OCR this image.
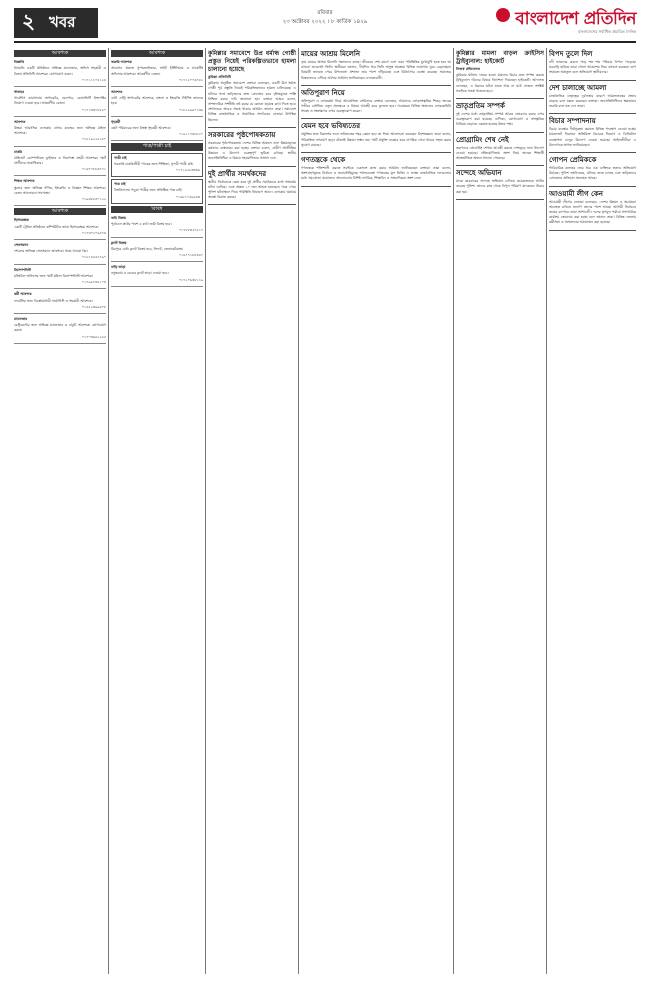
২ খবর	রবিবার
২৩ অক্টোবর ২০২২ । ৮ কার্তিক ১৪২৯	বাংলাদেশ প্রতিদিন
বাংলাদেশের সর্বাধিক প্রচারিত দৈনিক
আবশ্যক

বিজ্ঞপ্তি

ধানমন্ডি একটি প্রতিষ্ঠানে অভিজ্ঞ ম্যানেজার, অফিস সহকারী ও বিক্রয় প্রতিনিধি আবশ্যক। যোগাযোগ করুন।

০১৭১১১০৫১২৪

সাভারে

গার্মেন্টস কারখানায় অপারেটর, হেলপার, কোয়ালিটি ইন্সপেক্টর নিয়োগ দেওয়া হবে। আকর্ষণীয় বেতন।

০১৭১৩৩০৮৫৫০

আবশ্যক

উত্তরা আবাসিক এলাকায় বাসার কাজের জন্য অভিজ্ঞ মহিলা আবশ্যক।

০১৮১৯২২৫১৮০

চাকরি

প্রাইভেট কোম্পানিতে ড্রাইভার ও নিরাপত্তা প্রহরী আবশ্যক। স্মার্ট প্রার্থীদের অগ্রাধিকার।

০১৬৭০৮৮৬৭৭১

শিক্ষক আবশ্যক

স্কুলের জন্য অভিজ্ঞ গণিত, ইংরেজি ও বিজ্ঞান শিক্ষক আবশ্যক। বেতন আলোচনা সাপেক্ষে।

০১৯৩৫৫৫০১২২

আবশ্যক

হিসাবরক্ষক

একটি ট্রেডিং প্রতিষ্ঠানে কম্পিউটার জানা হিসাবরক্ষক আবশ্যক।

০১৭৩০২০৯৪৭৪

সেলসম্যান

শোরুমে অভিজ্ঞ সেলসম্যান আবশ্যক। থাকা-খাওয়া ফ্রি।

০১৮১৪৫৫২৭৯০

রিসেপশনিস্ট

মতিঝিল অফিসের জন্য স্মার্ট মহিলা রিসেপশনিস্ট আবশ্যক।

০১৭৯৯০৪৪১০৪

কর্মী আবশ্যক

ফার্মেসির জন্য ডিপ্লোমাধারী ফার্মাসিস্ট ও সহকারী আবশ্যক।

০১৫৫২৩৯৯৬০৮

ম্যানেজার

রেস্টুরেন্টের জন্য অভিজ্ঞ ম্যানেজার ও বাবুর্চি আবশ্যক। যোগাযোগ করুন।

০১৭০৩৬৬১২৫৫

আবশ্যক

জরুরি আবশ্যক

আবাসন প্রকল্পে সুপারভাইজার, সাইট ইঞ্জিনিয়ার ও মার্কেটিং অফিসার আবশ্যক। আকর্ষণীয় বেতন।

০১৭১২০০৬৭৪২

আবশ্যক

ডাটা এন্ট্রি অপারেটর আবশ্যক, বাংলা ও ইংরেজি টাইপিং জানতে হবে।

০১৮২২৯৯০১৩৬

গৃহকর্মী

ছোট পরিবারের জন্য বিশ্বস্ত গৃহকর্মী আবশ্যক।

০১৯১১৭৪৮৮২০

পাত্র/পাত্রী চাই

পাত্রী চাই

সরকারি চাকরিজীবী পাত্রের জন্য শিক্ষিতা, সুন্দরী পাত্রী চাই।

০১৭১৫২৮৩৩৪৬

পাত্র চাই

বিশ্ববিদ্যালয় পড়ুয়া পাত্রীর জন্য প্রতিষ্ঠিত পাত্র চাই।

০১৬৮১০৫৯৯৪৩

বিবিধ

জমি বিক্রয়

পূর্বাচলে প্লটের পাশে ৫ কাঠা জমি বিক্রয় হবে।

০১৭৮৮৩২০৫১৭

ফ্ল্যাট বিক্রয়

মিরপুরে রেডি ফ্ল্যাট বিক্রয় হবে, লিফট, জেনারেটরসহ।

০১৯৭৭১৮৪৪৬০

বাড়ি ভাড়া

বসুন্ধরায় ৩ বেডের ফ্ল্যাট ভাড়া দেওয়া হবে।

০১৭২০৬৩৮১১৯

কুমিল্লার সমাবেশে উপ্র ধর্মান্ধ গোষ্ঠী প্রস্তুত নিয়েই পরিকল্পিতভাবে হামলা চালানো হয়েছে

কুমিল্লা প্রতিনিধি

কুমিল্লায় অনুষ্ঠিত সমাবেশে বক্তারা বলেছেন, একটি উপ্র ধর্মান্ধ গোষ্ঠী পূর্ব প্রস্তুতি নিয়েই পরিকল্পিতভাবে হামলা চালিয়েছে। এ ঘটনার সঙ্গে জড়িতদের দ্রুত গ্রেফতার করে দৃষ্টান্তমূলক শাস্তি নিশ্চিত করার দাবি জানানো হয়। বক্তারা আরও বলেন, সাম্প্রদায়িক সম্প্রীতি নষ্ট করার যে কোনো ষড়যন্ত্র রুখে দিতে হবে। প্রশাসনকে আরও সতর্ক থাকার আহ্বান জানান তারা। সমাবেশে বিভিন্ন রাজনৈতিক ও সামাজিক সংগঠনের নেতারা উপস্থিত ছিলেন।

সরকারের পৃষ্ঠপোষকতায়

সরকারের পৃষ্ঠপোষকতায় দেশের বিভিন্ন অঞ্চলে নানা উন্নয়নমূলক কর্মকাণ্ড বাস্তবায়ন করা হচ্ছে। বক্তারা বলেন, গ্রামীণ অর্থনীতির উন্নয়নে এ উদ্যোগ গুরুত্বপূর্ণ ভূমিকা রাখছে। স্থানীয় জনপ্রতিনিধিরা এ বিষয়ে সহযোগিতার আশ্বাস দেন।

দুই প্রার্থীর সমর্থকদের

স্থানীয় নির্বাচনকে কেন্দ্র করে দুই প্রার্থীর সমর্থকদের মধ্যে সংঘর্ষের ঘটনা ঘটেছে। এতে অন্তত ১০ জন আহত হয়েছেন। খবর পেয়ে পুলিশ ঘটনাস্থলে গিয়ে পরিস্থিতি নিয়ন্ত্রণে আনে। এলাকায় থমথমে অবস্থা বিরাজ করছে।

মায়ের আশ্রয় মিলেনি

বৃদ্ধা মায়ের আশ্রয় মিলেনি সন্তানদের কাছে। জীবনের শেষ বয়সে এসে এমন পরিস্থিতির মুখোমুখি হতে হবে তা কখনো ভাবেননি তিনি। স্থানীয়রা জানান, দীর্ঘদিন ধরে তিনি অসুস্থ অবস্থায় বিভিন্ন জায়গায় ঘুরে বেড়াচ্ছেন। বিষয়টি জানতে পেরে উপজেলা প্রশাসন তার পাশে দাঁড়িয়েছে এবং চিকিৎসার ব্যবস্থা করেছে। সমাজের বিত্তবানদের এগিয়ে আসার আহ্বান জানিয়েছেন এলাকাবাসী।

অতিপুরাণ নিয়ে

অতিপুরাণ ও লোককথা নিয়ে আয়োজিত সেমিনারে বক্তারা বলেছেন, আমাদের লোকসংস্কৃতির শিকড় অনেক গভীরে প্রোথিত। নতুন প্রজন্মকে এ বিষয়ে আগ্রহী করে তুলতে হবে। গবেষকরা বিভিন্ন অঞ্চলের লোককাহিনি সংগ্রহ ও সংরক্ষণের ওপর গুরুত্বারোপ করেন।

যেমন হবে ভবিষ্যতের

প্রযুক্তির দ্রুত বিকাশের ফলে ভবিষ্যতের শহর কেমন হবে তা নিয়ে আলোচনা করেছেন বিশেষজ্ঞরা। তারা বলেন, পরিকল্পিত নগরায়ণ ছাড়া টেকসই উন্নয়ন সম্ভব নয়। স্মার্ট প্রযুক্তি ব্যবহার করে নাগরিক সেবা আরও সহজ করার সুযোগ রয়েছে।

গণতন্ত্রকে থেকে

গণতন্ত্রকে শক্তিশালী করতে সবাইকে একসঙ্গে কাজ করার আহ্বান জানিয়েছেন বক্তারা। তারা বলেন, অংশগ্রহণমূলক নির্বাচন ও জবাবদিহিমূলক শাসনব্যবস্থা গণতন্ত্রের মূল ভিত্তি। এ লক্ষ্যে রাজনৈতিক দলগুলোর মধ্যে সমঝোতা প্রয়োজন। আলোচনায় বিশিষ্ট নাগরিক, শিক্ষাবিদ ও সাংবাদিকরা অংশ নেন।

কুমিল্লার মামলা বাড়ল ক্রাইসিস ট্রাইব্যুনাল: হাইকোর্ট

নিজস্ব প্রতিবেদক

কুমিল্লার ঘটনায় দায়ের হওয়া মামলার বিচার দ্রুত সম্পন্ন করতে ট্রাইব্যুনাল গঠনের বিষয়ে নির্দেশনা দিয়েছেন হাইকোর্ট। আদালত বলেছেন, এ ধরনের ঘটনা যাতে আর না ঘটে সেজন্য সংশ্লিষ্ট সবাইকে সতর্ক থাকতে হবে।

ভ্রাতৃপ্রতিম সম্পর্ক

দুই দেশের মধ্যে ভ্রাতৃপ্রতিম সম্পর্ক আরও জোরদার করার ওপর গুরুত্বারোপ করা হয়েছে। বাণিজ্য, যোগাযোগ ও সাংস্কৃতিক বিনিময় বাড়াতে একমত হয়েছে উভয় পক্ষ।

প্রোগ্রামিং শেষ নেই

তরুণদের প্রোগ্রামিং শেখায় আগ্রহী করতে দেশজুড়ে নানা উদ্যোগ নেওয়া হয়েছে। প্রতিযোগিতায় অংশ নিয়ে অনেক শিক্ষার্থী আন্তর্জাতিক অঙ্গনে সাফল্য পেয়েছে।

সন্দেহে অভিযান

মাদক কারবারের সন্দেহে অভিযান চালিয়ে কয়েকজনকে আটক করেছে পুলিশ। তাদের কাছ থেকে বিপুল পরিমাণ মাদকদ্রব্য উদ্ধার করা হয়।

বিপদ তুলে দিল

নদী ভাঙনের কবলে পড়ে শত শত পরিবার বিপদে পড়েছে। ঘরবাড়ি হারিয়ে তারা খোলা আকাশের নিচে বসবাস করছেন। ত্রাণ সহায়তা অপ্রতুল বলে অভিযোগ স্থানীয়দের।

দেশ চালাচ্ছে আমলা

রাজনৈতিক নেতৃত্বের দুর্বলতার কারণে আমলাতন্ত্রের প্রভাব বাড়ছে বলে মন্তব্য করেছেন বক্তারা। জনপ্রতিনিধিদের ক্ষমতায়ন জরুরি বলে মত দেন তারা।

বিচার সম্পাদনায়

বিচার ব্যবস্থার দীর্ঘসূত্রতা কমাতে বিভিন্ন পদক্ষেপ নেওয়া হচ্ছে। মামলাজট নিরসনে অতিরিক্ত বিচারক নিয়োগ ও ডিজিটাল ব্যবস্থাপনা চালুর উদ্যোগ নেওয়া হয়েছে। আইনজীবীরা এ উদ্যোগকে স্বাগত জানিয়েছেন।

গোপন প্রেমিককে

পারিবারিক কলহের জের ধরে এক ব্যক্তিকে হত্যার অভিযোগ উঠেছে। পুলিশ জানিয়েছে, ঘটনার তদন্ত চলছে এবং জড়িতদের গ্রেফতারে অভিযান অব্যাহত আছে।

আওয়ামী লীগ কেন

আওয়ামী লীগের নেতারা বলেছেন, দেশের উন্নয়ন ও অগ্রযাত্রা অব্যাহত রাখতে জনগণ তাদের পাশে আছে। আগামী নির্বাচনে জয়ের ব্যাপারে তারা আশাবাদী। দলের তৃণমূল পর্যায়ে সাংগঠনিক কার্যক্রম জোরদার করা হচ্ছে বলে জানান তারা। বিভিন্ন জেলায় কর্মীসভা ও সম্মেলনের আয়োজন করা হয়েছে।
